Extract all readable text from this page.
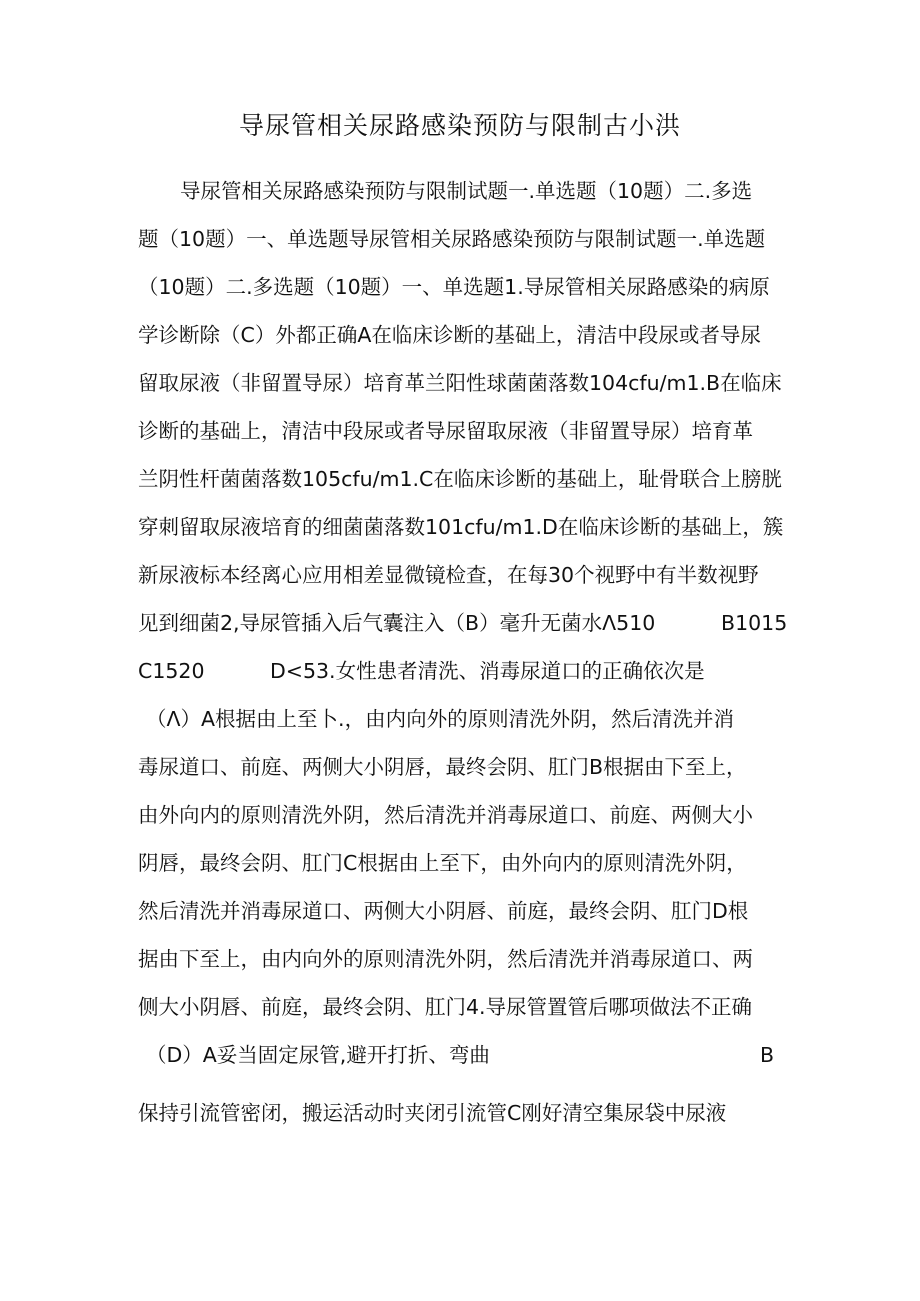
导尿管相关尿路感染预防与限制古小洪
导尿管相关尿路感染预防与限制试题一.单选题（10题）二.多选
题（10题）一、单选题导尿管相关尿路感染预防与限制试题一.单选题
（10题）二.多选题（10题）一、单选题1.导尿管相关尿路感染的病原
学诊断除（C）外都正确A在临床诊断的基础上，清洁中段尿或者导尿
留取尿液（非留置导尿）培育革兰阳性球菌菌落数104cfu/m1.B在临床
诊断的基础上，清洁中段尿或者导尿留取尿液（非留置导尿）培育革
兰阴性杆菌菌落数105cfu/m1.C在临床诊断的基础上，耻骨联合上膀胱
穿刺留取尿液培育的细菌菌落数101cfu/m1.D在临床诊断的基础上，簇
新尿液标本经离心应用相差显微镜检查，在每30个视野中有半数视野
见到细菌2,导尿管插入后气囊注入（B）毫升无菌水Λ510	B1015
C1520	D<53.女性患者清洗、消毒尿道口的正确依次是
（Λ）A根据由上至卜.，由内向外的原则清洗外阴，然后清洗并消
毒尿道口、前庭、两侧大小阴唇，最终会阴、肛门B根据由下至上，
由外向内的原则清洗外阴，然后清洗并消毒尿道口、前庭、两侧大小
阴唇，最终会阴、肛门C根据由上至下，由外向内的原则清洗外阴，
然后清洗并消毒尿道口、两侧大小阴唇、前庭，最终会阴、肛门D根
据由下至上，由内向外的原则清洗外阴，然后清洗并消毒尿道口、两
侧大小阴唇、前庭，最终会阴、肛门4.导尿管置管后哪项做法不正确
（D）A妥当固定尿管,避开打折、弯曲	B
保持引流管密闭，搬运活动时夹闭引流管C刚好清空集尿袋中尿液
